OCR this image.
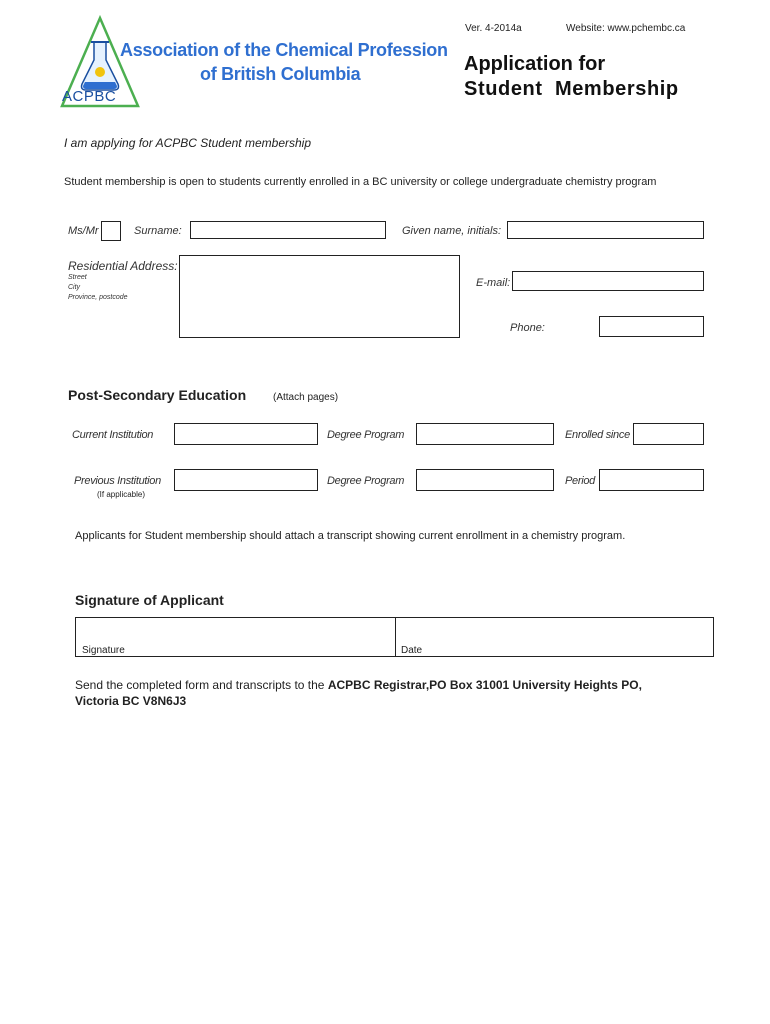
Ver. 4-2014a	Website: www.pchembc.ca
ACPBC
Association of the Chemical Profession
of British Columbia	Application for
Student  Membership
I am applying for ACPBC Student membership
Student membership is open to students currently enrolled in a BC university or college undergraduate chemistry program
Ms/Mr	Surname:	Given name, initials:
Residential Address:
Street
City
Province, postcode
E-mail:
Phone:
Post-Secondary Education	(Attach pages)
Current Institution	Degree Program	Enrolled since
Previous Institution	Degree Program	Period
(If applicable)
Applicants for Student membership should attach a transcript showing current enrollment in a chemistry program.
Signature of Applicant
Signature	Date
Send the completed form and transcripts to the ACPBC Registrar,PO Box 31001 University Heights PO,
Victoria BC V8N6J3
